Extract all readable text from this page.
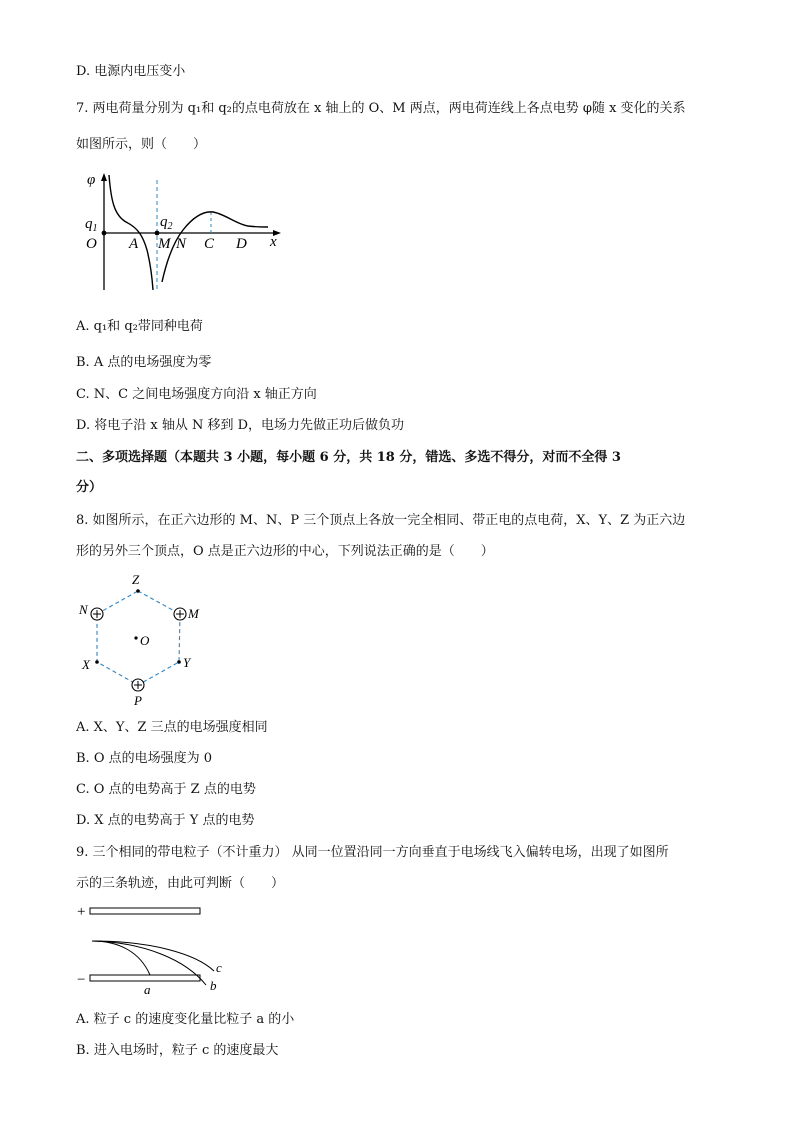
D. 电源内电压变小
7. 两电荷量分别为 q₁和 q₂的点电荷放在 x 轴上的 O、M 两点，两电荷连线上各点电势 φ随 x 变化的关系
如图所示，则（　　）
φ
x
$q_1$	$q_2$
O A M N C D
A. q₁和 q₂带同种电荷
B. A 点的电场强度为零
C. N、C 之间电场强度方向沿 x 轴正方向
D. 将电子沿 x 轴从 N 移到 D，电场力先做正功后做负功
二、多项选择题（本题共 3 小题，每小题 6 分，共 18 分，错选、多选不得分，对而不全得 3
分）
8. 如图所示，在正六边形的 M、N、P 三个顶点上各放一完全相同、带正电的点电荷，X、Y、Z 为正六边
形的另外三个顶点，O 点是正六边形的中心，下列说法正确的是（　　）
Z
M
Y
P
X
N
O
A. X、Y、Z 三点的电场强度相同
B. O 点的电场强度为 0
C. O 点的电势高于 Z 点的电势
D. X 点的电势高于 Y 点的电势
9. 三个相同的带电粒子（不计重力） 从同一位置沿同一方向垂直于电场线飞入偏转电场，出现了如图所
示的三条轨迹，由此可判断（　　）
+
−
a	b
c
A. 粒子 c 的速度变化量比粒子 a 的小
B. 进入电场时，粒子 c 的速度最大
